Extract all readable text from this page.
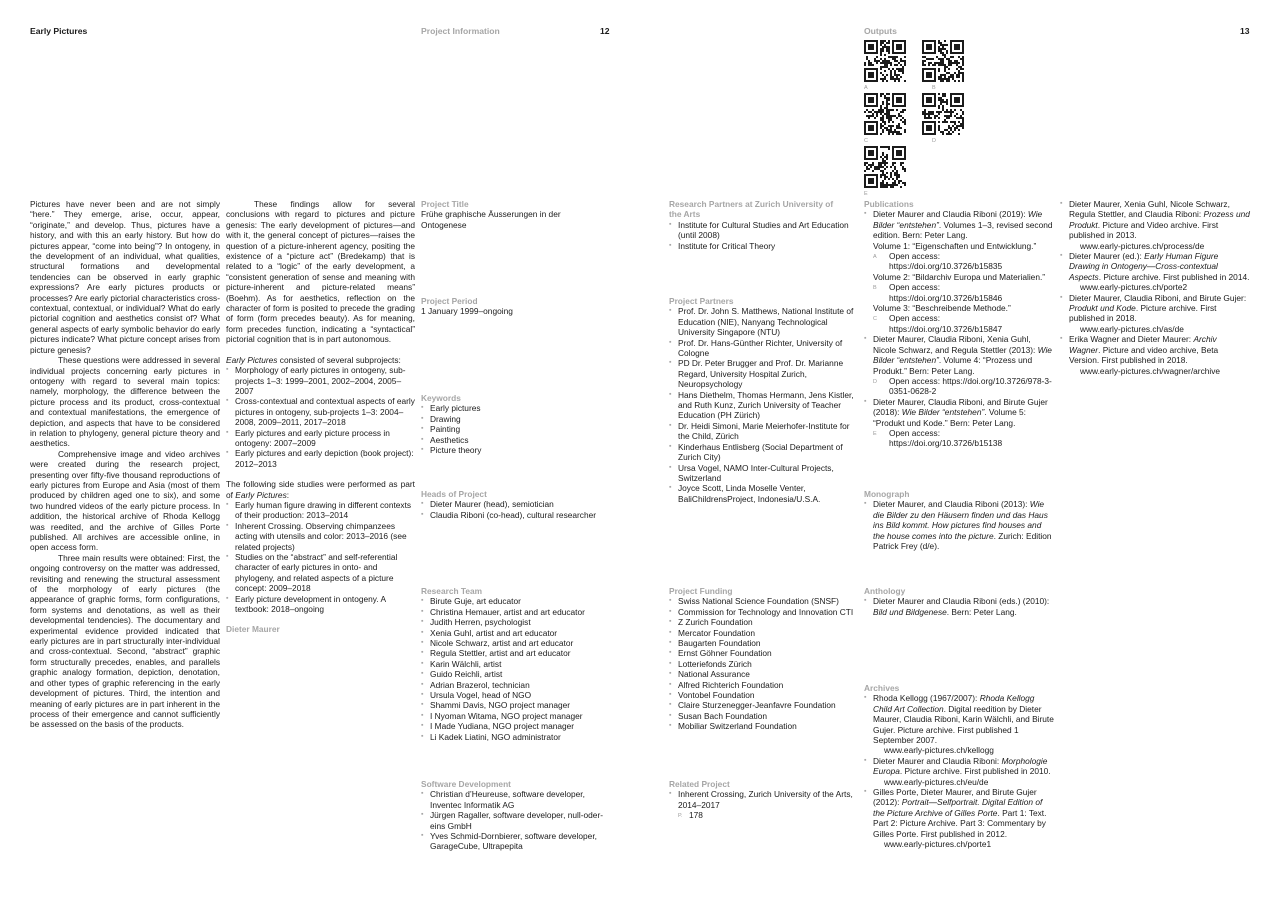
Early Pictures	Project Information	12	Outputs	13
A	B
C	D
E

Pictures have never been and are not simply “here.” They emerge, arise, occur, appear, “originate,” and develop. Thus, pictures have a history, and with this an early history. But how do pictures appear, “come into being”? In ontogeny, in the development of an individual, what qualities, structural formations and developmental tendencies can be observed in early graphic expressions? Are early pictures products or processes? Are early pictorial characteristics cross-contextual, contextual, or individual? What do early pictorial cognition and aesthetics consist of? What general aspects of early symbolic behavior do early pictures indicate? What picture concept arises from picture genesis?

These questions were addressed in several individual projects concerning early pictures in ontogeny with regard to several main topics: namely, morphology, the difference between the picture process and its product, cross-contextual and contextual manifestations, the emergence of depiction, and aspects that have to be considered in relation to phylogeny, general picture theory and aesthetics.

Comprehensive image and video archives were created during the research project, presenting over fifty-five thousand reproductions of early pictures from Europe and Asia (most of them produced by children aged one to six), and some two hundred videos of the early picture process. In addition, the historical archive of Rhoda Kellogg was reedited, and the archive of Gilles Porte published. All archives are accessible online, in open access form.

Three main results were obtained: First, the ongoing controversy on the matter was addressed, revisiting and renewing the structural assessment of the morphology of early pictures (the appearance of graphic forms, form configurations, form systems and denotations, as well as their developmental tendencies). The documentary and experimental evidence provided indicated that early pictures are in part structurally inter-individual and cross-contextual. Second, “abstract” graphic form structurally precedes, enables, and parallels graphic analogy formation, depiction, denotation, and other types of graphic referencing in the early development of pictures. Third, the intention and meaning of early pictures are in part inherent in the process of their emergence and cannot sufficiently be assessed on the basis of the products.

These findings allow for several conclusions with regard to pictures and picture genesis: The early development of pictures—and with it, the general concept of pictures—raises the question of a picture-inherent agency, positing the existence of a “picture act” (Bredekamp) that is related to a “logic” of the early development, a “consistent generation of sense and meaning with picture-inherent and picture-related means” (Boehm). As for aesthetics, reflection on the character of form is posited to precede the grading of form (form precedes beauty). As for meaning, form precedes function, indicating a “syntactical” pictorial cognition that is in part autonomous.

Early Pictures consisted of several subprojects:

▪ Morphology of early pictures in ontogeny, sub-projects 1–3: 1999–2001, 2002–2004, 2005–2007
▪ Cross-contextual and contextual aspects of early pictures in ontogeny, sub-projects 1–3: 2004–2008, 2009–2011, 2017–2018
▪ Early pictures and early picture process in ontogeny: 2007–2009
▪ Early pictures and early depiction (book project): 2012–2013

The following side studies were performed as part of Early Pictures:

▪ Early human figure drawing in different contexts of their production: 2013–2014
▪ Inherent Crossing. Observing chimpanzees acting with utensils and color: 2013–2016 (see related projects)
▪ Studies on the “abstract” and self-referential character of early pictures in onto- and phylogeny, and related aspects of a picture concept: 2009–2018
▪ Early picture development in ontogeny. A textbook: 2018–ongoing

Dieter Maurer

Project Title
Frühe graphische Äusserungen in der Ontogenese
Project Period
1 January 1999–ongoing
Keywords
▪ Early pictures
▪ Drawing
▪ Painting
▪ Aesthetics
▪ Picture theory
Heads of Project
▪ Dieter Maurer (head), semiotician
▪ Claudia Riboni (co-head), cultural researcher
Research Team
▪ Birute Guje, art educator
▪ Christina Hemauer, artist and art educator
▪ Judith Herren, psychologist
▪ Xenia Guhl, artist and art educator
▪ Nicole Schwarz, artist and art educator
▪ Regula Stettler, artist and art educator
▪ Karin Wälchli, artist
▪ Guido Reichli, artist
▪ Adrian Brazerol, technician
▪ Ursula Vogel, head of NGO
▪ Shammi Davis, NGO project manager
▪ I Nyoman Witama, NGO project manager
▪ I Made Yudiana, NGO project manager
▪ Li Kadek Liatini, NGO administrator
Software Development
▪ Christian d’Heureuse, software developer, Inventec Informatik AG
▪ Jürgen Ragaller, software developer, null-oder-eins GmbH
▪ Yves Schmid-Dornbierer, software developer, GarageCube, Ultrapepita
Research Partners at Zurich University of the Arts
▪ Institute for Cultural Studies and Art Education (until 2008)
▪ Institute for Critical Theory
Project Partners
▪ Prof. Dr. John S. Matthews, National Institute of Education (NIE), Nanyang Technological University Singapore (NTU)
▪ Prof. Dr. Hans-Günther Richter, University of Cologne
▪ PD Dr. Peter Brugger and Prof. Dr. Marianne Regard, University Hospital Zurich, Neuropsychology
▪ Hans Diethelm, Thomas Hermann, Jens Kistler, and Ruth Kunz, Zurich University of Teacher Education (PH Zürich)
▪ Dr. Heidi Simoni, Marie Meierhofer-Institute for the Child, Zürich
▪ Kinderhaus Entlisberg (Social Department of Zurich City)
▪ Ursa Vogel, NAMO Inter-Cultural Projects, Switzerland
▪ Joyce Scott, Linda Moselle Venter, BaliChildrensProject, Indonesia/U.S.A.
Project Funding
▪ Swiss National Science Foundation (SNSF)
▪ Commission for Technology and Innovation CTI
▪ Z Zurich Foundation
▪ Mercator Foundation
▪ Baugarten Foundation
▪ Ernst Göhner Foundation
▪ Lotteriefonds Zürich
▪ National Assurance
▪ Alfred Richterich Foundation
▪ Vontobel Foundation
▪ Claire Sturzenegger-Jeanfavre Foundation
▪ Susan Bach Foundation
▪ Mobiliar Switzerland Foundation
Related Project
▪ Inherent Crossing, Zurich University of the Arts, 2014–2017
P. 178
Publications
▪ Dieter Maurer and Claudia Riboni (2019): Wie Bilder “entstehen”. Volumes 1–3, revised second edition. Bern: Peter Lang.
Volume 1: “Eigenschaften und Entwicklung.”
A Open access: https://doi.org/10.3726/b15835
Volume 2: “Bildarchiv Europa und Materialien.”
B Open access: https://doi.org/10.3726/b15846
Volume 3: “Beschreibende Methode.”
C Open access: https://doi.org/10.3726/b15847
▪ Dieter Maurer, Claudia Riboni, Xenia Guhl, Nicole Schwarz, and Regula Stettler (2013): Wie Bilder “entstehen”. Volume 4: “Prozess und Produkt.” Bern: Peter Lang.
D Open access: https://doi.org/10.3726/978-3-0351-0628-2
▪ Dieter Maurer, Claudia Riboni, and Birute Gujer (2018): Wie Bilder “entstehen”. Volume 5: “Produkt und Kode.” Bern: Peter Lang.
E Open access: https://doi.org/10.3726/b15138
Monograph
▪ Dieter Maurer, and Claudia Riboni (2013): Wie die Bilder zu den Häusern finden und das Haus ins Bild kommt. How pictures find houses and the house comes into the picture. Zurich: Edition Patrick Frey (d/e).
Anthology
▪ Dieter Maurer and Claudia Riboni (eds.) (2010): Bild und Bildgenese. Bern: Peter Lang.
Archives
▪ Rhoda Kellogg (1967/2007): Rhoda Kellogg Child Art Collection. Digital reedition by Dieter Maurer, Claudia Riboni, Karin Wälchli, and Birute Gujer. Picture archive. First published 1 September 2007.
www.early-pictures.ch/kellogg
▪ Dieter Maurer and Claudia Riboni: Morphologie Europa. Picture archive. First published in 2010.
www.early-pictures.ch/eu/de
▪ Gilles Porte, Dieter Maurer, and Birute Gujer (2012): Portrait—Selfportrait. Digital Edition of the Picture Archive of Gilles Porte. Part 1: Text. Part 2: Picture Archive. Part 3: Commentary by Gilles Porte. First published in 2012.
www.early-pictures.ch/porte1
▪ Dieter Maurer, Xenia Guhl, Nicole Schwarz, Regula Stettler, and Claudia Riboni: Prozess und Produkt. Picture and Video archive. First published in 2013.
www.early-pictures.ch/process/de
▪ Dieter Maurer (ed.): Early Human Figure Drawing in Ontogeny—Cross-contextual Aspects. Picture archive. First published in 2014.
www.early-pictures.ch/porte2
▪ Dieter Maurer, Claudia Riboni, and Birute Gujer: Produkt und Kode. Picture archive. First published in 2018.
www.early-pictures.ch/as/de
▪ Erika Wagner and Dieter Maurer: Archiv Wagner. Picture and video archive, Beta Version. First published in 2018.
www.early-pictures.ch/wagner/archive
